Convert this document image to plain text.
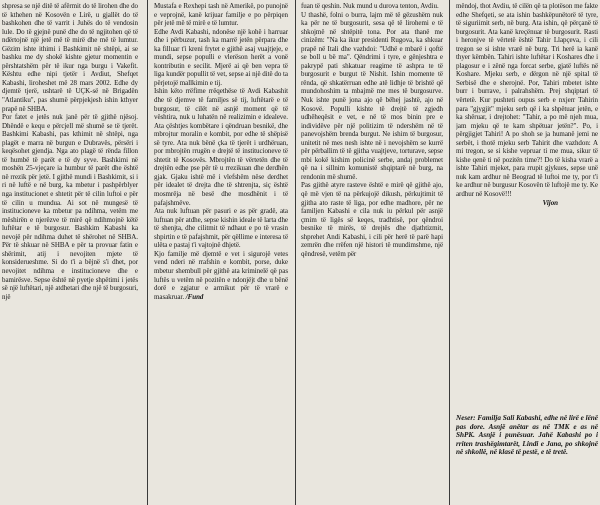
shpresa se një ditë të afërmit do të lirohen dhe do të kthehen në Kosovën e Lirë, u gjallët do të bashkohen dhe të varrit i Juhës do të vendosin lule. Do të gjejnë punë dhe do të ngjitohen që të ndërtojnë një jetë më të mirë dhe më të lumtur. Gëzim ishte ithimi i Bashkimit në shtëpi, ai se bashku me dy shokë kishte gjetur momentin e përshtatshëm për të ikur nga burgu i Vakefit. Kështu edhe nipi tjetër i Avdiut, Shefqet Kabashi, liroheshet më 28 mars 2002. Edhe dy djemtë tjerë, ushtarë të UÇK-së në Brigadën "Atlantiku", pas shumë përpjekjesh ishin kthyer prapë në SHBA.

Por fatet e jetës nuk janë për të gjithë njësoj. Dhëndë e kequ e përcjell më shumë se të tjerët. Bashkimi Kabashi, pas kthimit në shtëpi, nga plagët e marra në burgun e Dubravës, përsëri i keqësohet gjendja. Nga ato plagë të rënda fillon të humbë të parët e të dy syve. Bashkimi në moshën 25-vjeçare ia humbur të parët dhe është në rrezik për jetë. I gjithë mundi i Bashkimit, si i ri në luftë e në burg, ka mbetur i pashpërblyer nga institucionet e shtetit për të cilin luftoi e për të cilin u munduа. Ai sot në mungesë të institucioneve ka mbetur pa ndihma, vetëm me mëshirën e njerëzve të mirë që ndihmojnë këtë luftëtar e të burgosur. Bashkim Kabashi ka nevojë për ndihma duhet të shërohet në SHBA. Për të shkuar në SHBA e për ta provuar fatin e shërimit, atij i nevojiten mjete të konsiderueshme. Si do t'i a bëjnë s'i dhet, por nevojitet ndihma e institucioneve dhe e bamirësve. Sepse është në pyetje shpëtimi i jetës së një luftëtari, një atdhetari dhe një të burgosuri, një

Mustafa e Rexhepi tash në Amerikë, po punojnë e veprojnë, kanë krijuar familje e po përpiqen për jetë më të mirë e të lumtur.

Edhe Avdi Kabashi, ndonëse një kohë i harruar dhe i përbuzur, tash ka marrë jetën përpara dhe ka filluar t'i kreni frytet e gjithë asaj vuajtjeje, e mundi, sepse populli e vlerëson herët a vonë kontributin e secilit. Mjerë ai që ben vepra të liga kundër popullit të vet, sepse ai një ditë do ta përjetojë mallkimin e tij.

Ishin këto rrëfime rrëqethëse të Avdi Kabashit dhe të djemve të familjes së tij, luftëtarë e të burgosur, të cilët në asnjë moment që të vështira, nuk u luhatën në realizimin e idealeve. Ata çështjes kombëtare i qëndruan besnikë, dhe mbrojtur moralin e kombit, por edhe të shëpisë së tyre. Ata nuk bënë çka të tjerët i urdhëruan, por mbrojtën rrugën e drejtë të institucioneve të shtetit të Kosovës. Mbrojtën të vërtetën dhe të drejtën edhe pse për të u rrezikuan dhe derdhën gjak. Gjaku ishtë më i vlefshëm nëse derdhet për idealet të drejta dhe të shtrenjta, siç është mosmrëja në besë dhe mosdhënit i të pafajshmëve.

Ata nuk luftuan për pasuri e as për gradë, ata luftuan për atdhe, sepse kishin ideale të larta dhe të shenjta, dhe cilitmit të ndhaut e po të vrasin shpirtin e të pafajshmit, për qëllime e interesa të ulëta e pastaj t'i vajtojnë dhjetë.

Kjo familje më djemtë e vet i sigurojë vetes vend nderi në rrafshin e kombit, porse, duke mbetur shembull për gjithë ata kriminelë që pas luftës u vetëm në pozitën e ndonjëjt dhe u bënë dorë e zgjatur e armikut për të vrarë e masakruar. /Fund

fuan të qeshin. Nuk mund u durova tenton, Avdiu.

U thashë, folni o burra, lajm më të gëzushëm nuk ka për ne të burgosurit, sesa që të lirohemi e të shkojmë në shtëpitë tona. Por ata thanë me cinizëm: "Na ka ikur presidenti Rugova, ka shkuar prapë në Itali dhe vazhdoi: "Udhë e mbarë i qoftë se boll u bë ma". Qëndrimi i tyre, e gënjeshtra e pakrypë pati shkatuar reagime të ashpra te të burgosurit e burgut të Nishit. Ishin momente të rënda, që shkatërruan edhe atë lidhje të brishtë që mundohoshim ta mbajmë me mes të burgosurve. Nuk ishte punë jona ajo që bëhej jashtë, ajo në Kosovë. Populli kishte të drejtë të zgjedh udhëheqësit e vet, e në të mos binin pre e individëve për një politizim të ndershëm në të panevojshëm brenda burgut. Ne ishim të burgosur, unitetit në mes nesh ishte në i nevojshëm se kurrë për përballim të të gjitha vuajtjeve, torturave, sepse mbi kokë kishim policinë serbe, andaj problemet që na i sillnim komunistë shqiptarë në burg, na rendonin më shumë.

Pas gjithë atyre rasteve është e mirë që gjithë ajo, që më vjen të na përkujojë dikush, përkujtimit të gjitha ato raste të liga, por edhe madhore, për ne familjen Kabashi e cila nuk iu përkul për asnjë çmim të ligës së keqes, tradhtisë, por qëndroi besnike të mirës, të drejtës dhe djathtizmit, shprehet Andi Kabashi, i cili për herë të parë hapi zemrën dhe rrëfen një histori të mundimshme, një qëndresë, vetëm për

mëndoj, thot Avdiu, të cilën që ta plotëson me fakte edhe Shefqeti, se ata ishin bashkëpunëtorë të tyre, të siguriimit serb, në burg. Ata ishin, që përçanë të burgosurit. Ata kanë kreçënuar të burgosurit. Rasti i heronjve të vërtetë është Tahir Llapçeva, i cili tregon se si ishte vrarë në burg. Tri herë ia kanë thyer këmbën. Tahiri ishte luftëtar i Koshares dhe i plagosur e i zënë nga forcat serbe, gjatë luftës në Koshare. Mjeku serb, e dërgon në një spital të Serbisë dhe e sherojnë. Por, Tahiri mbetet ishte burr i burrave, i palrahshëm. Prej shqiptari të vërtetë. Kur pushteti oupus serb e nxjerr Tahirin para "gjygjit" mjeku serb që i ka shpëtuar jetën, e ka shëruar, i drejtohet: "Tahir, a po më njeh mua, jam mjeku që te kam shpëtuar jetën?". Po, i përgjigjet Tahiri! A po shoh se ja humanë jemi ne serbët, i thotë mjeku serb Tahirit dhe vazhdon: A mi tregon, se si kishe vepruar ti me mua, sikur të kishe qenë ti në pozitën time?! Do të kisha vrarë a ishte Tahiri mjeket, para rrupit gjykues, sepse unë nuk kam ardhur në Beograd të luftoi me ty, por t'i ke ardhur në burgusur Kosovën të luftojë me ty. Ke ardhur në Kosovë!!!

Vijon

Neser: Familja Sali Kabashi, edhe në lirë e lënë pas dore. Asnjë anëtar as në TMK e as në ShPK. Asnjë i punësuar. Jahë Kabashi po i rriten trashëgimtarët, Lindi e Jana, po shkojnë në shkollë, në klasë të pestë, e të tretë.
